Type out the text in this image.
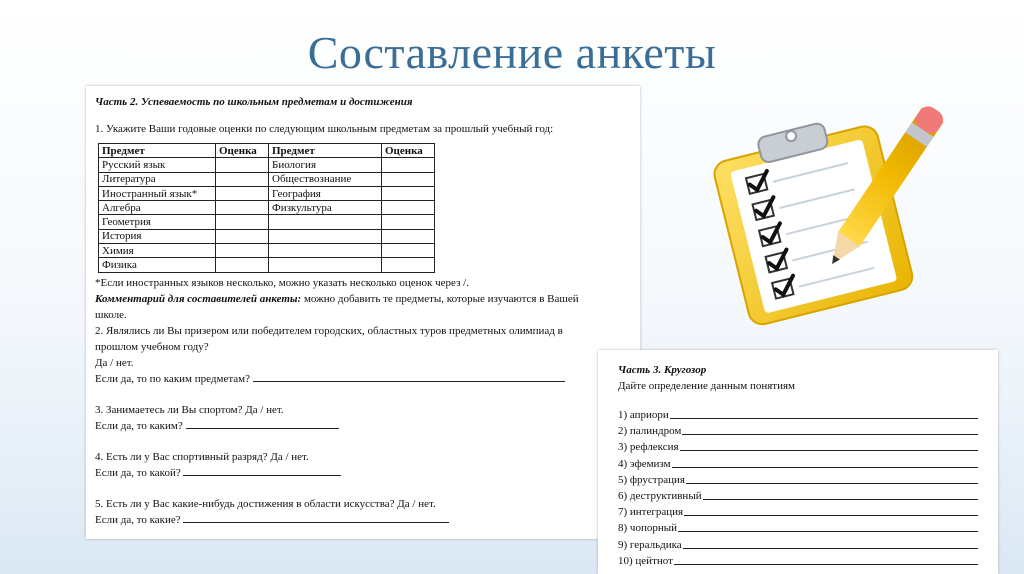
Составление анкеты
Часть 2. Успеваемость по школьным предметам и достижения
1. Укажите Ваши годовые оценки по следующим школьным предметам за прошлый учебный год:
Предмет	Оценка	Предмет	Оценка
Русский язык		Биология	
Литература		Обществознание	
Иностранный язык*		География	
Алгебра		Физкультура	
Геометрия			
История			
Химия			
Физика			
*Если иностранных языков несколько, можно указать несколько оценок через /.
Комментарий для составителей анкеты: можно добавить те предметы, которые изучаются в Вашей
школе.
2. Являлись ли Вы призером или победителем городских, областных туров предметных олимпиад в
прошлом учебном году?
Да / нет.
Если да, то по каким предметам?
3. Занимаетесь ли Вы спортом? Да / нет.
Если да, то каким?
4. Есть ли у Вас спортивный разряд? Да / нет.
Если да, то какой?
5. Есть ли у Вас какие-нибудь достижения в области искусства? Да / нет.
Если да, то какие?
Часть 3. Кругозор
Дайте определение данным понятиям
1) априори
2) палиндром
3) рефлексия
4) эфемизм
5) фрустрация
6) деструктивный
7) интеграция
8) чопорный
9) геральдика
10) цейтнот
